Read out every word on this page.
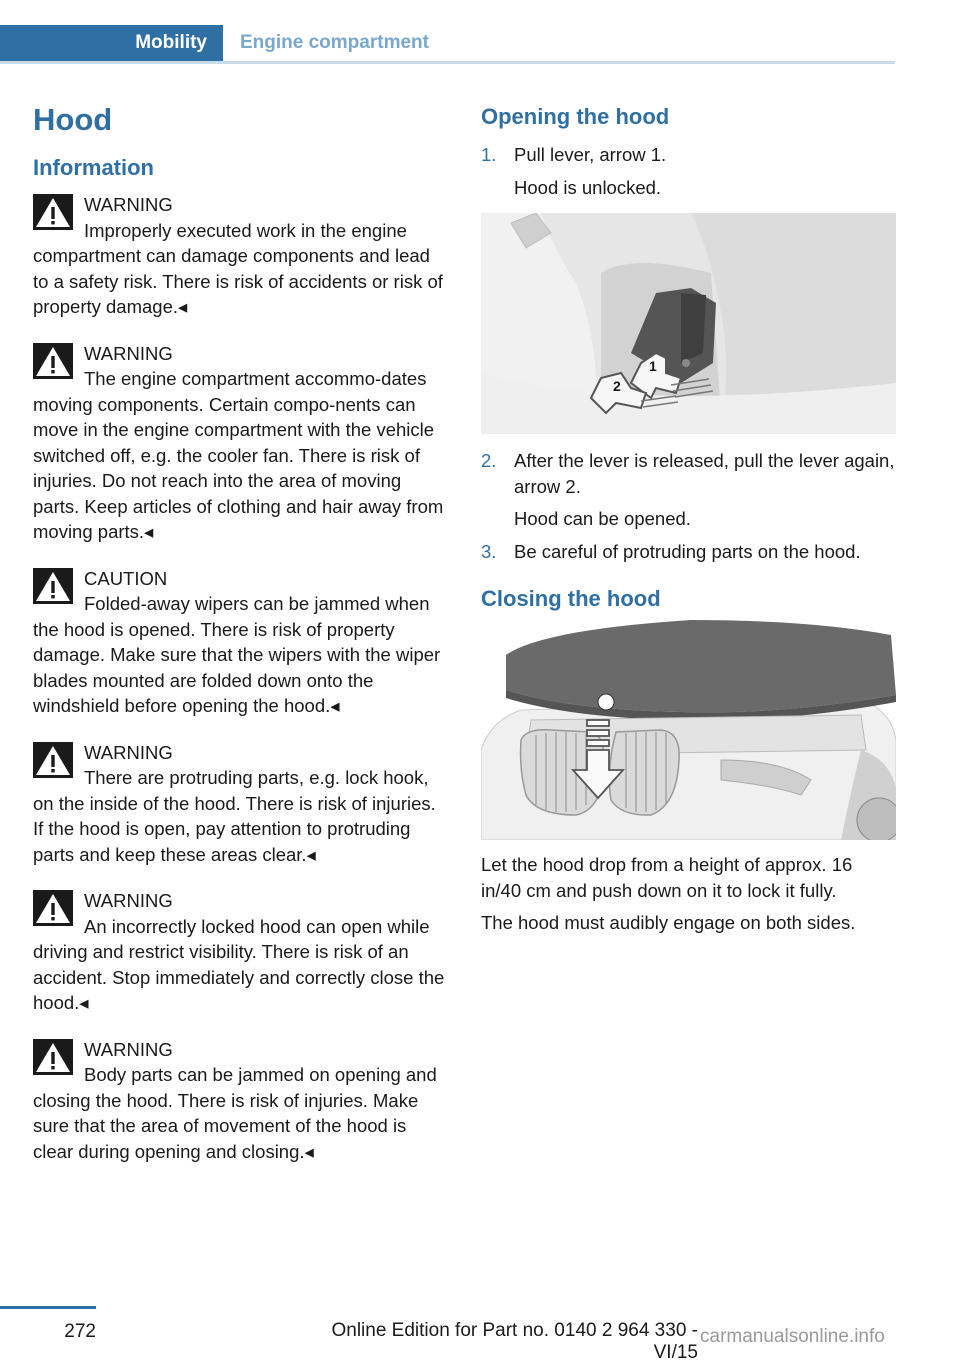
Mobility	Engine compartment
Hood
Information
WARNING
Improperly executed work in the engine compartment can damage components and lead to a safety risk. There is risk of accidents or risk of property damage.◂
WARNING
The engine compartment accommo-dates moving components. Certain compo-nents can move in the engine compartment with the vehicle switched off, e.g. the cooler fan. There is risk of injuries. Do not reach into the area of moving parts. Keep articles of clothing and hair away from moving parts.◂
CAUTION
Folded-away wipers can be jammed when the hood is opened. There is risk of property damage. Make sure that the wipers with the wiper blades mounted are folded down onto the windshield before opening the hood.◂
WARNING
There are protruding parts, e.g. lock hook, on the inside of the hood. There is risk of injuries. If the hood is open, pay attention to protruding parts and keep these areas clear.◂
WARNING
An incorrectly locked hood can open while driving and restrict visibility. There is risk of an accident. Stop immediately and correctly close the hood.◂
WARNING
Body parts can be jammed on opening and closing the hood. There is risk of injuries. Make sure that the area of movement of the hood is clear during opening and closing.◂
Opening the hood
1. Pull lever, arrow 1.
Hood is unlocked.
1
2
2. After the lever is released, pull the lever again, arrow 2.
Hood can be opened.
3. Be careful of protruding parts on the hood.
Closing the hood

Let the hood drop from a height of approx. 16 in/40 cm and push down on it to lock it fully.

The hood must audibly engage on both sides.

272	Online Edition for Part no. 0140 2 964 330 - VI/15
carmanualsonline.info
